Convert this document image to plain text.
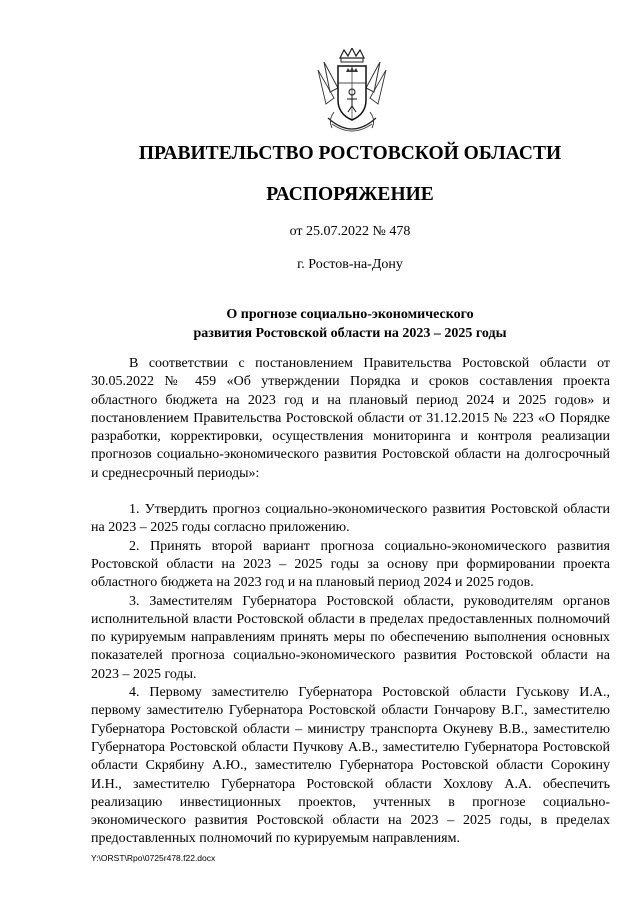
ПРАВИТЕЛЬСТВО РОСТОВСКОЙ ОБЛАСТИ
РАСПОРЯЖЕНИЕ
от 25.07.2022 № 478
г. Ростов-на-Дону
О прогнозе социально-экономического
развития Ростовской области на 2023 – 2025 годы

В соответствии с постановлением Правительства Ростовской области от 30.05.2022 № 459 «Об утверждении Порядка и сроков составления проекта областного бюджета на 2023 год и на плановый период 2024 и 2025 годов» и постановлением Правительства Ростовской области от 31.12.2015 № 223 «О Порядке разработки, корректировки, осуществления мониторинга и контроля реализации прогнозов социально-экономического развития Ростовской области на долгосрочный и среднесрочный периоды»:

1. Утвердить прогноз социально-экономического развития Ростовской области на 2023 – 2025 годы согласно приложению.

2. Принять второй вариант прогноза социально-экономического развития Ростовской области на 2023 – 2025 годы за основу при формировании проекта областного бюджета на 2023 год и на плановый период 2024 и 2025 годов.

3. Заместителям Губернатора Ростовской области, руководителям органов исполнительной власти Ростовской области в пределах предоставленных полномочий по курируемым направлениям принять меры по обеспечению выполнения основных показателей прогноза социально-экономического развития Ростовской области на 2023 – 2025 годы.

4. Первому заместителю Губернатора Ростовской области Гуськову И.А., первому заместителю Губернатора Ростовской области Гончарову В.Г., заместителю Губернатора Ростовской области – министру транспорта Окуневу В.В., заместителю Губернатора Ростовской области Пучкову А.В., заместителю Губернатора Ростовской области Скрябину А.Ю., заместителю Губернатора Ростовской области Сорокину И.Н., заместителю Губернатора Ростовской области Хохлову А.А. обеспечить реализацию инвестиционных проектов, учтенных в прогнозе социально-экономического развития Ростовской области на 2023 – 2025 годы, в пределах предоставленных полномочий по курируемым направлениям.

Y:\ORST\Rpo\0725r478.f22.docx
